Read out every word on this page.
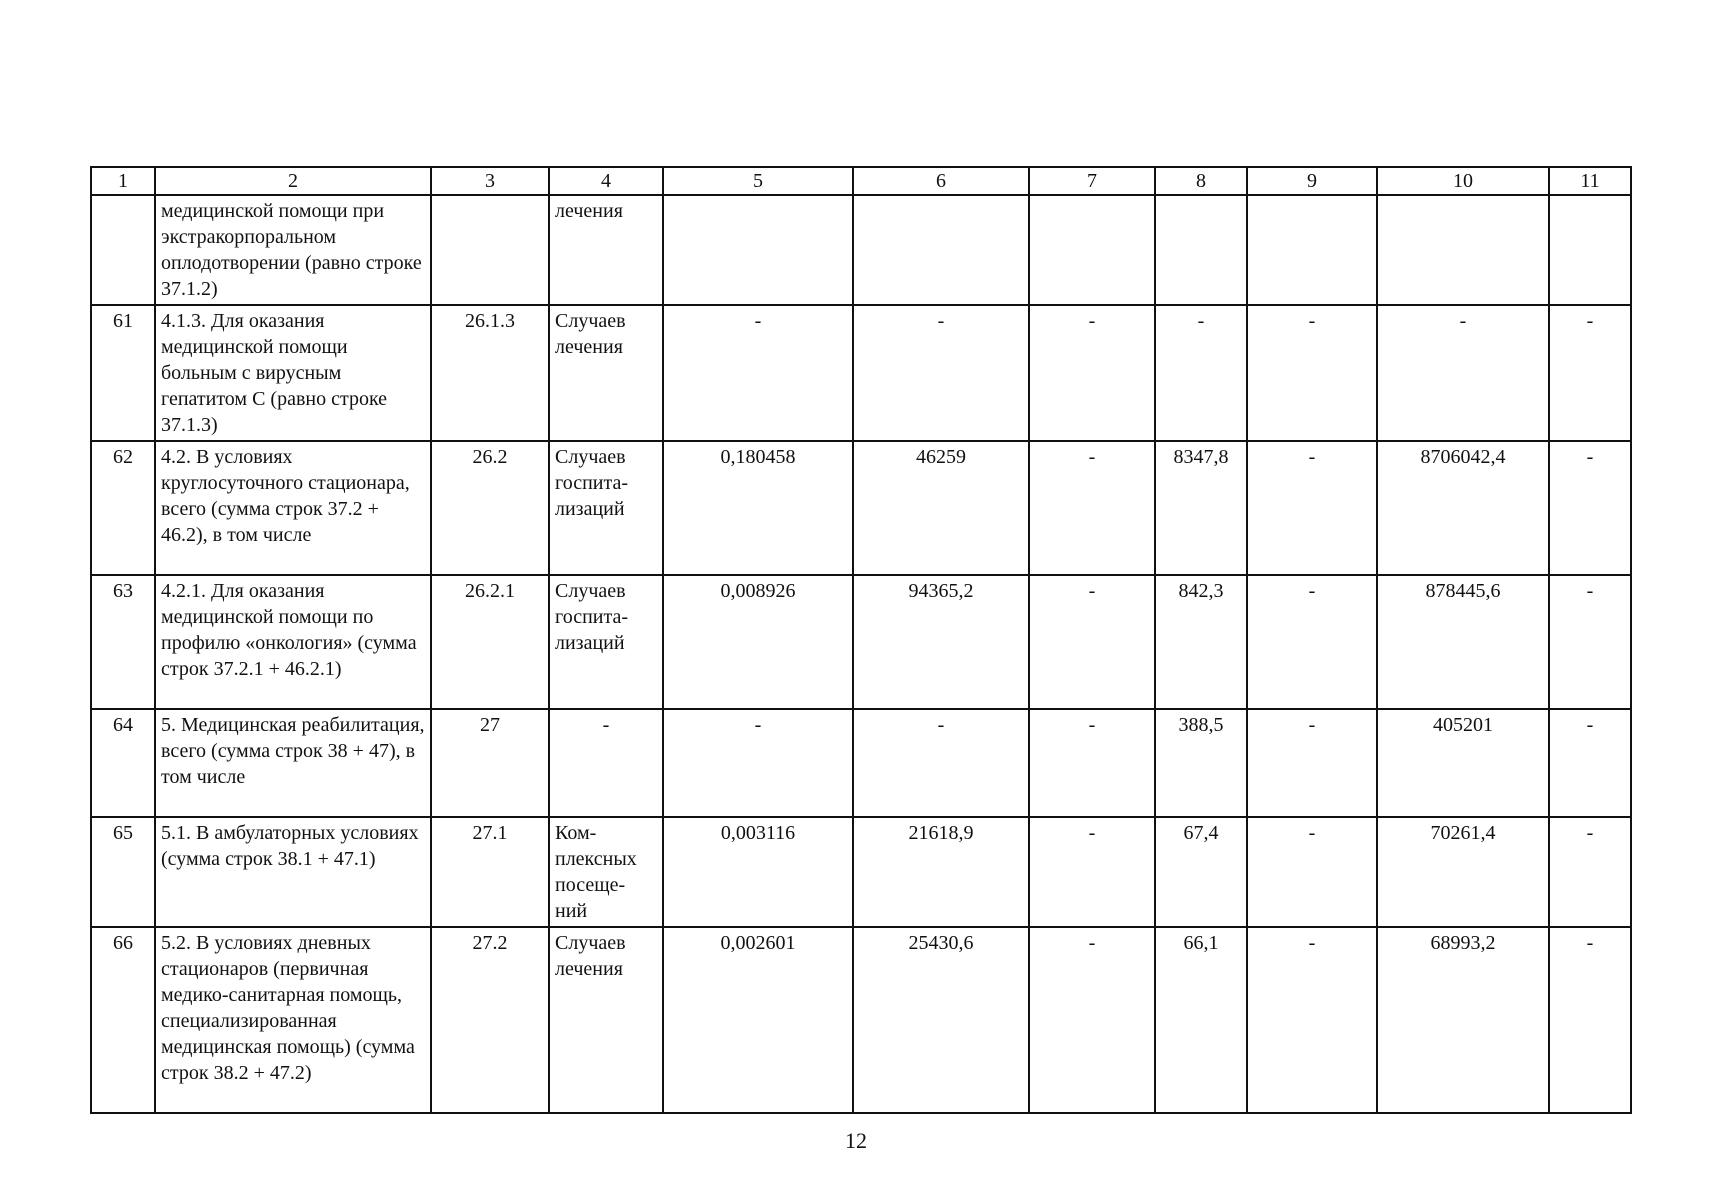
1	2	3	4	5	6	7	8	9	10	11
	медицинской помощи при экстракорпоральном оплодотворении (равно строке 37.1.2)		лечения							
61	4.1.3. Для оказания медицинской помощи больным с вирусным гепатитом С (равно строке 37.1.3)	26.1.3	Случаев лечения	-	-	-	-	-	-	-
62	4.2. В условиях круглосуточного стационара, всего (сумма строк 37.2 + 46.2), в том числе	26.2	Случаев госпита-лизаций	0,180458	46259	-	8347,8	-	8706042,4	-
63	4.2.1. Для оказания медицинской помощи по профилю «онкология» (сумма строк 37.2.1 + 46.2.1)	26.2.1	Случаев госпита-лизаций	0,008926	94365,2	-	842,3	-	878445,6	-
64	5. Медицинская реабилитация, всего (сумма строк 38 + 47), в том числе	27	-	-	-	-	388,5	-	405201	-
65	5.1. В амбулаторных условиях (сумма строк 38.1 + 47.1)	27.1	Ком-плексных посеще-ний	0,003116	21618,9	-	67,4	-	70261,4	-
66	5.2. В условиях дневных стационаров (первичная медико-санитарная помощь, специализированная медицинская помощь) (сумма строк 38.2 + 47.2)	27.2	Случаев лечения	0,002601	25430,6	-	66,1	-	68993,2	-
12
